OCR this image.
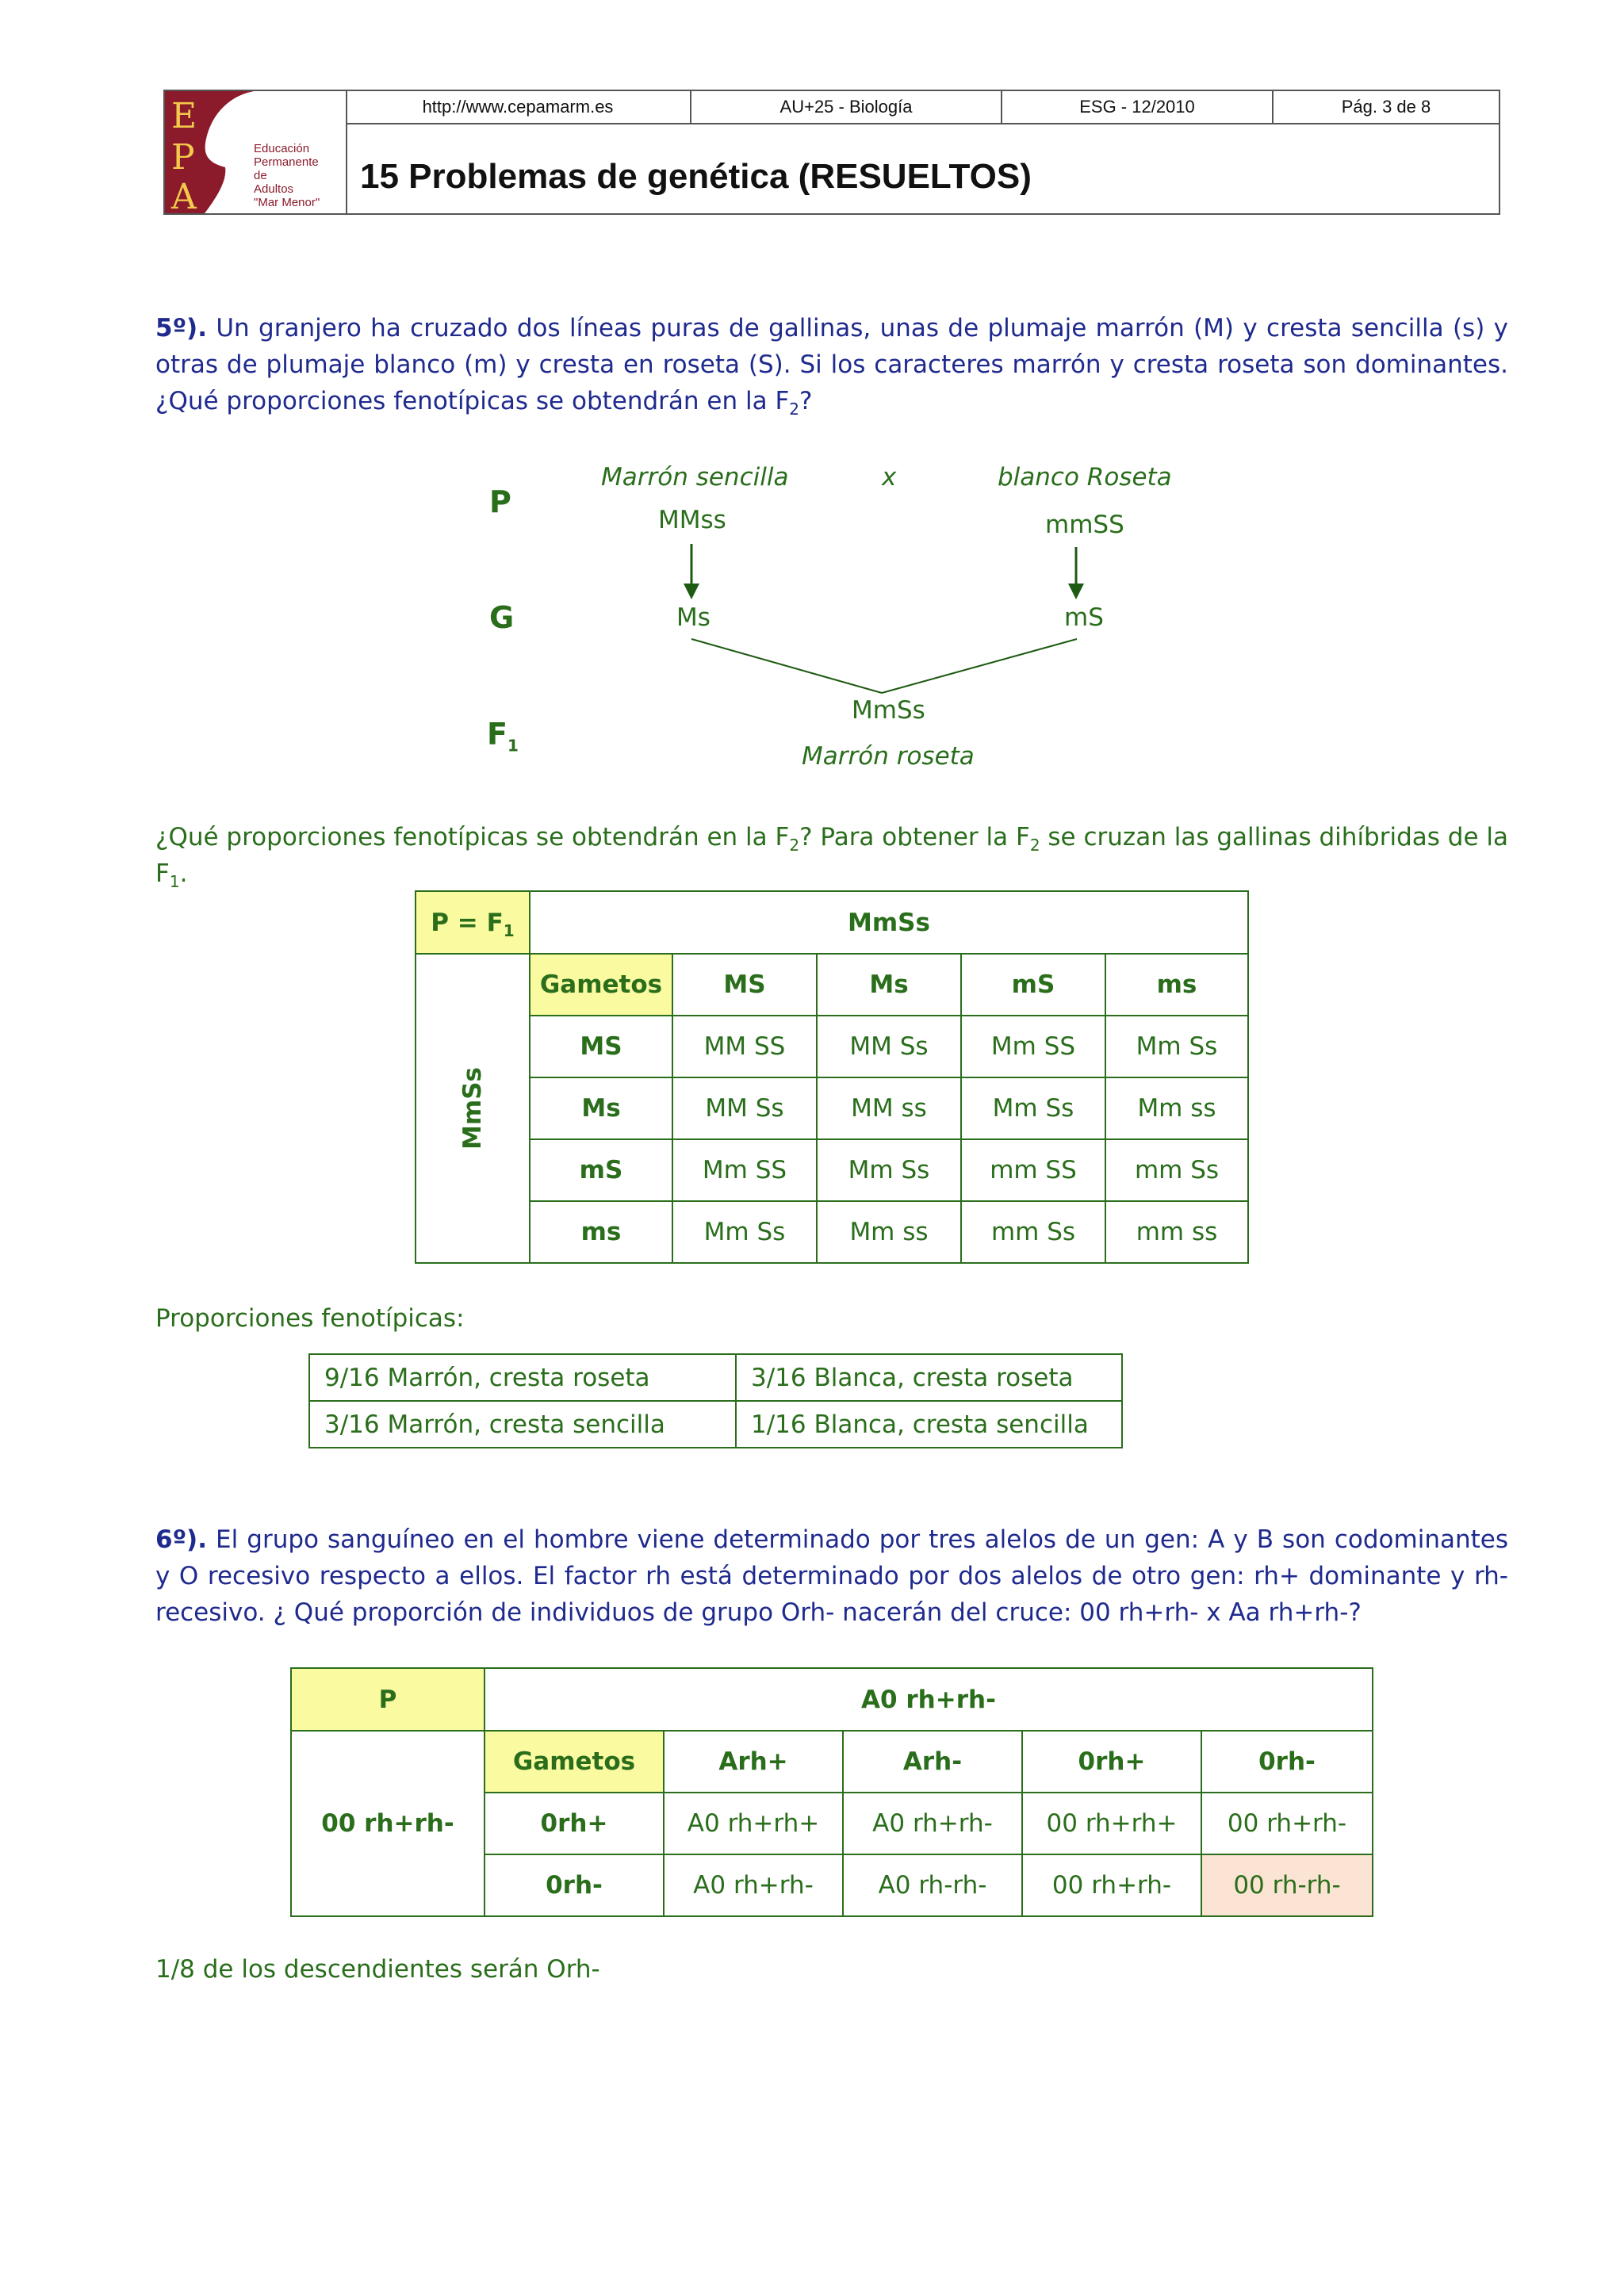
E
P
A
Educación
Permanente
de
Adultos
"Mar Menor"
http://www.cepamarm.es	AU+25 - Biología	ESG - 12/2010	Pág. 3 de 8
15 Problemas de genética (RESUELTOS)
5º). Un granjero ha cruzado dos líneas puras de gallinas, unas de plumaje marrón (M) y cresta sencilla (s) y otras de plumaje blanco (m) y cresta en roseta (S). Si los caracteres marrón y cresta roseta son dominantes. ¿Qué proporciones fenotípicas se obtendrán en la $F_2$?
P
G
$F_1$
Marrón sencilla
MMss
x	blanco Roseta
mmSS
Ms	mS
MmSs
Marrón roseta
¿Qué proporciones fenotípicas se obtendrán en la $F_2$? Para obtener la $F_2$ se cruzan las gallinas dihíbridas de la $F_1$.
$P = F_1$	MmSs				

MmSs	Gametos	MS	Ms	mS	ms
	MS	MM SS	MM Ss	Mm SS	Mm Ss
	Ms	MM Ss	MM ss	Mm Ss	Mm ss
	mS	Mm SS	Mm Ss	mm SS	mm Ss
	ms	Mm Ss	Mm ss	mm Ss	mm ss
Proporciones fenotípicas:
9/16 Marrón, cresta roseta	3/16 Blanca, cresta roseta
3/16 Marrón, cresta sencilla	1/16 Blanca, cresta sencilla
6º). El grupo sanguíneo en el hombre viene determinado por tres alelos de un gen: A y B son codominantes y O recesivo respecto a ellos. El factor rh está determinado por dos alelos de otro gen: rh+ dominante y rh- recesivo. ¿ Qué proporción de individuos de grupo Orh- nacerán del cruce: 00 rh+rh- x Aa rh+rh-?
P	A0 rh+rh-				
00 rh+rh-	Gametos	Arh+	Arh-	0rh+	0rh-
	0rh+	A0 rh+rh+	A0 rh+rh-	00 rh+rh+	00 rh+rh-
	0rh-	A0 rh+rh-	A0 rh-rh-	00 rh+rh-	00 rh-rh-
1/8 de los descendientes serán Orh-
